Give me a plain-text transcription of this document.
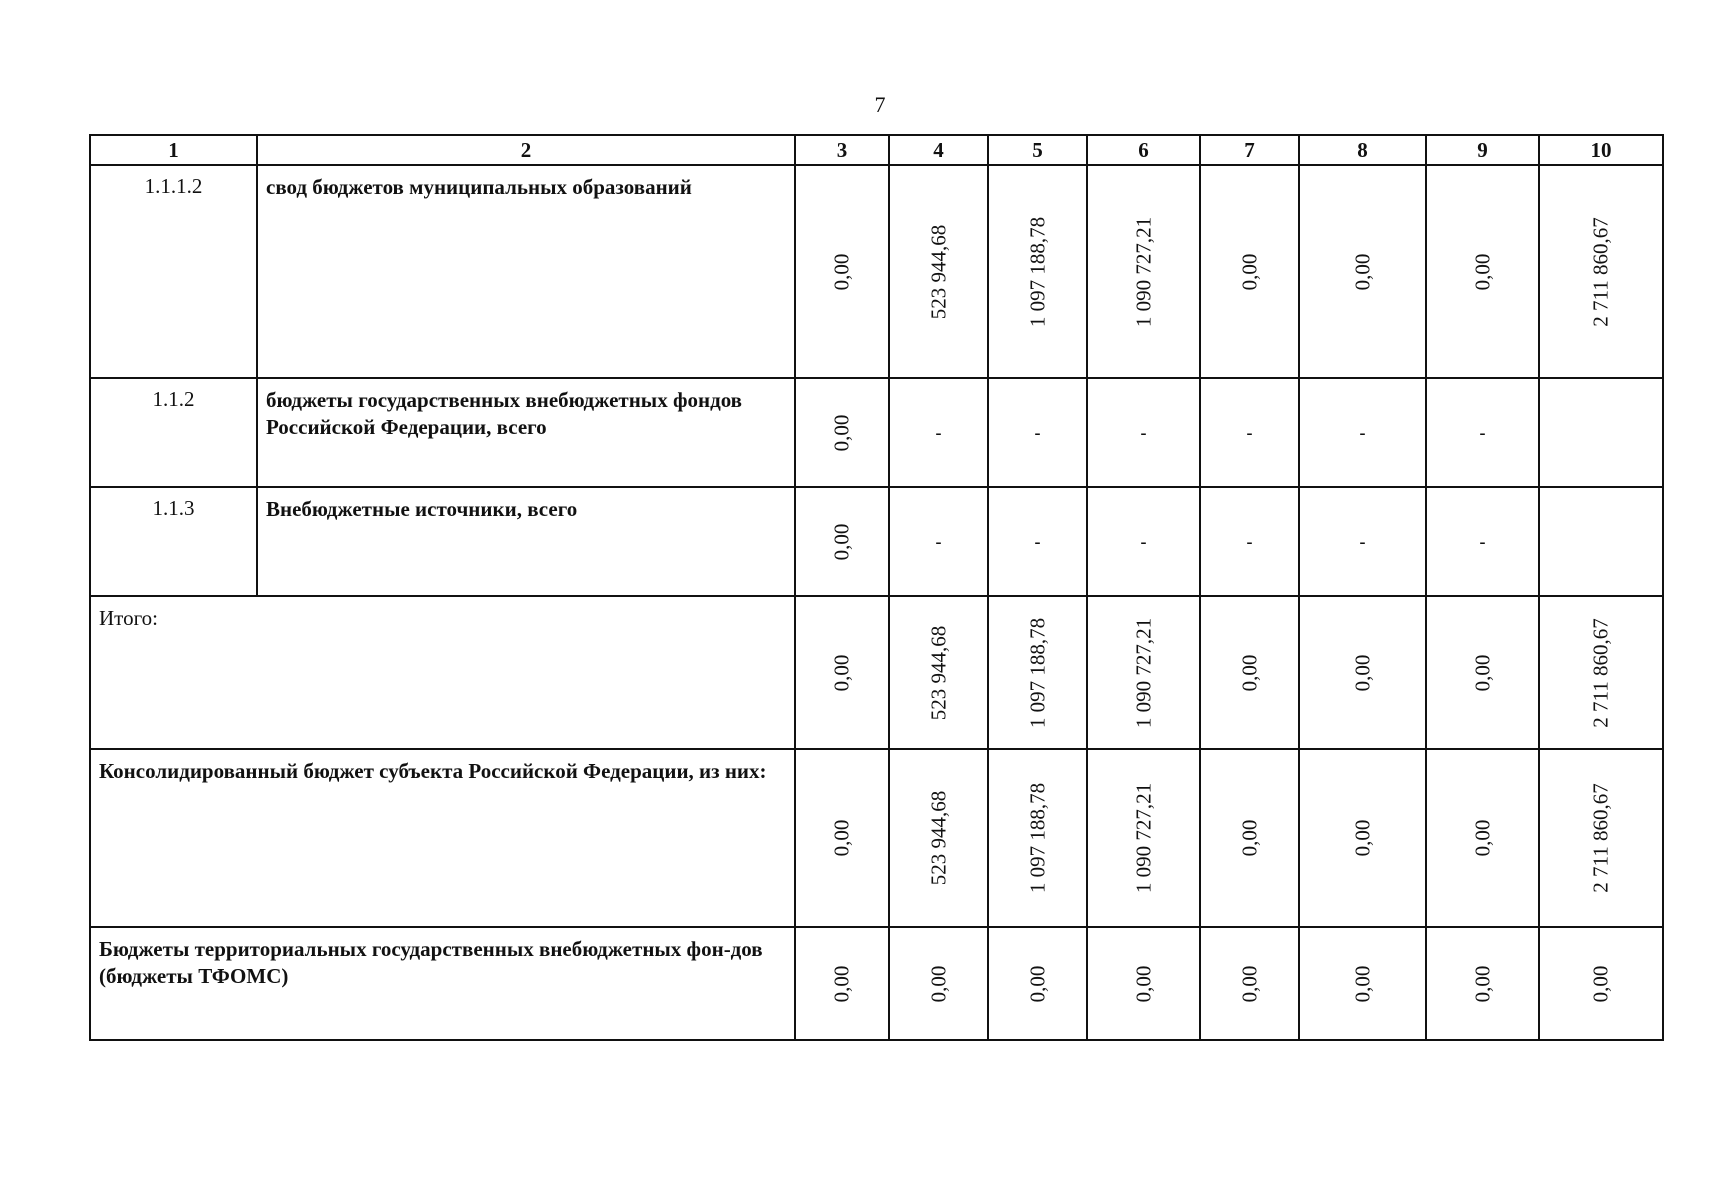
7
1	2	3	4	5	6	7	8	9	10
1.1.1.2	свод бюджетов муниципальных образований	0,00	523 944,68	1 097 188,78	1 090 727,21	0,00	0,00	0,00	2 711 860,67

1.1.2	бюджеты государственных внебюджетных фондов Российской Федерации, всего	0,00	-	-	-	-	-	-	

1.1.3	Внебюджетные источники, всего	0,00	-	-	-	-	-	-	

Итого:		0,00	523 944,68	1 097 188,78	1 090 727,21	0,00	0,00	0,00	2 711 860,67

Консолидированный бюджет субъекта Российской Федерации, из них:		0,00	523 944,68	1 097 188,78	1 090 727,21	0,00	0,00	0,00	2 711 860,67

Бюджеты территориальных государственных внебюджетных фон-дов (бюджеты ТФОМС)		0,00	0,00	0,00	0,00	0,00	0,00	0,00	0,00
